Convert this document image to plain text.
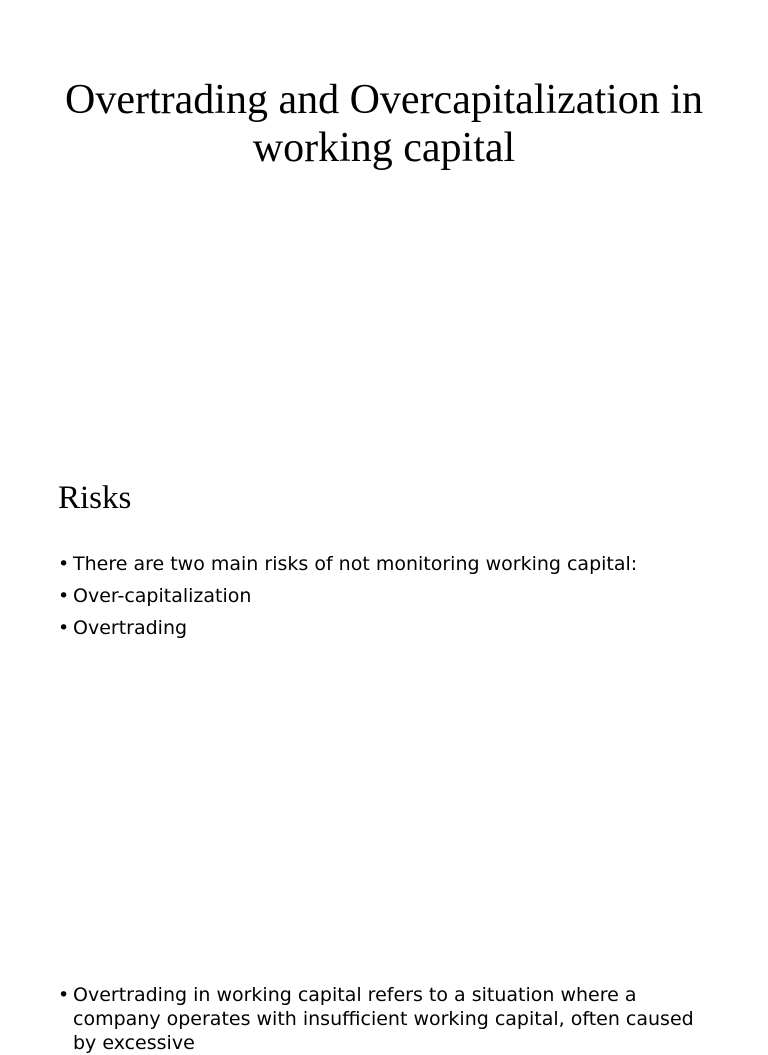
Overtrading and Overcapitalization in working capital
Risks
• There are two main risks of not monitoring working capital:
• Over-capitalization
• Overtrading
• Overtrading in working capital refers to a situation where a company operates with insufficient working capital, often caused by excessive
